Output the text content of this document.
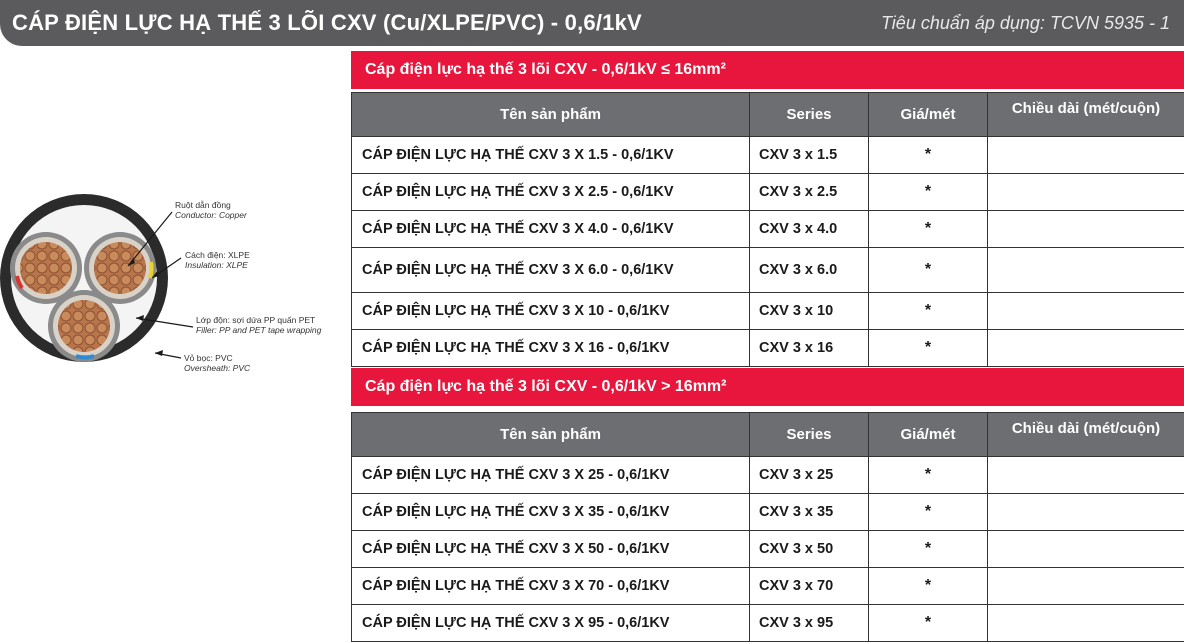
CÁP ĐIỆN LỰC HẠ THẾ 3 LÕI CXV (Cu/XLPE/PVC) - 0,6/1kV	Tiêu chuẩn áp dụng: TCVN 5935 - 1
Ruột dẫn đồng
Conductor: Copper
Cách điện: XLPE
Insulation: XLPE
Lớp độn: sợi dứa PP quấn PET
Filler: PP and PET tape wrapping
Vỏ bọc: PVC
Oversheath: PVC
Cáp điện lực hạ thế 3 lõi CXV - 0,6/1kV ≤ 16mm²
Tên sản phẩm	Series	Giá/mét	Chiều dài (mét/cuộn)
CÁP ĐIỆN LỰC HẠ THẾ CXV 3 X 1.5 - 0,6/1KV	CXV 3 x 1.5	*	
CÁP ĐIỆN LỰC HẠ THẾ CXV 3 X 2.5 - 0,6/1KV	CXV 3 x 2.5	*	
CÁP ĐIỆN LỰC HẠ THẾ CXV 3 X 4.0 - 0,6/1KV	CXV 3 x 4.0	*	
CÁP ĐIỆN LỰC HẠ THẾ CXV 3 X 6.0 - 0,6/1KV	CXV 3 x 6.0	*	
CÁP ĐIỆN LỰC HẠ THẾ CXV 3 X 10 - 0,6/1KV	CXV 3 x 10	*	
CÁP ĐIỆN LỰC HẠ THẾ CXV 3 X 16 - 0,6/1KV	CXV 3 x 16	*	
Cáp điện lực hạ thế 3 lõi CXV - 0,6/1kV > 16mm²
Tên sản phẩm	Series	Giá/mét	Chiều dài (mét/cuộn)
CÁP ĐIỆN LỰC HẠ THẾ CXV 3 X 25 - 0,6/1KV	CXV 3 x 25	*	
CÁP ĐIỆN LỰC HẠ THẾ CXV 3 X 35 - 0,6/1KV	CXV 3 x 35	*	
CÁP ĐIỆN LỰC HẠ THẾ CXV 3 X 50 - 0,6/1KV	CXV 3 x 50	*	
CÁP ĐIỆN LỰC HẠ THẾ CXV 3 X 70 - 0,6/1KV	CXV 3 x 70	*	
CÁP ĐIỆN LỰC HẠ THẾ CXV 3 X 95 - 0,6/1KV	CXV 3 x 95	*	
